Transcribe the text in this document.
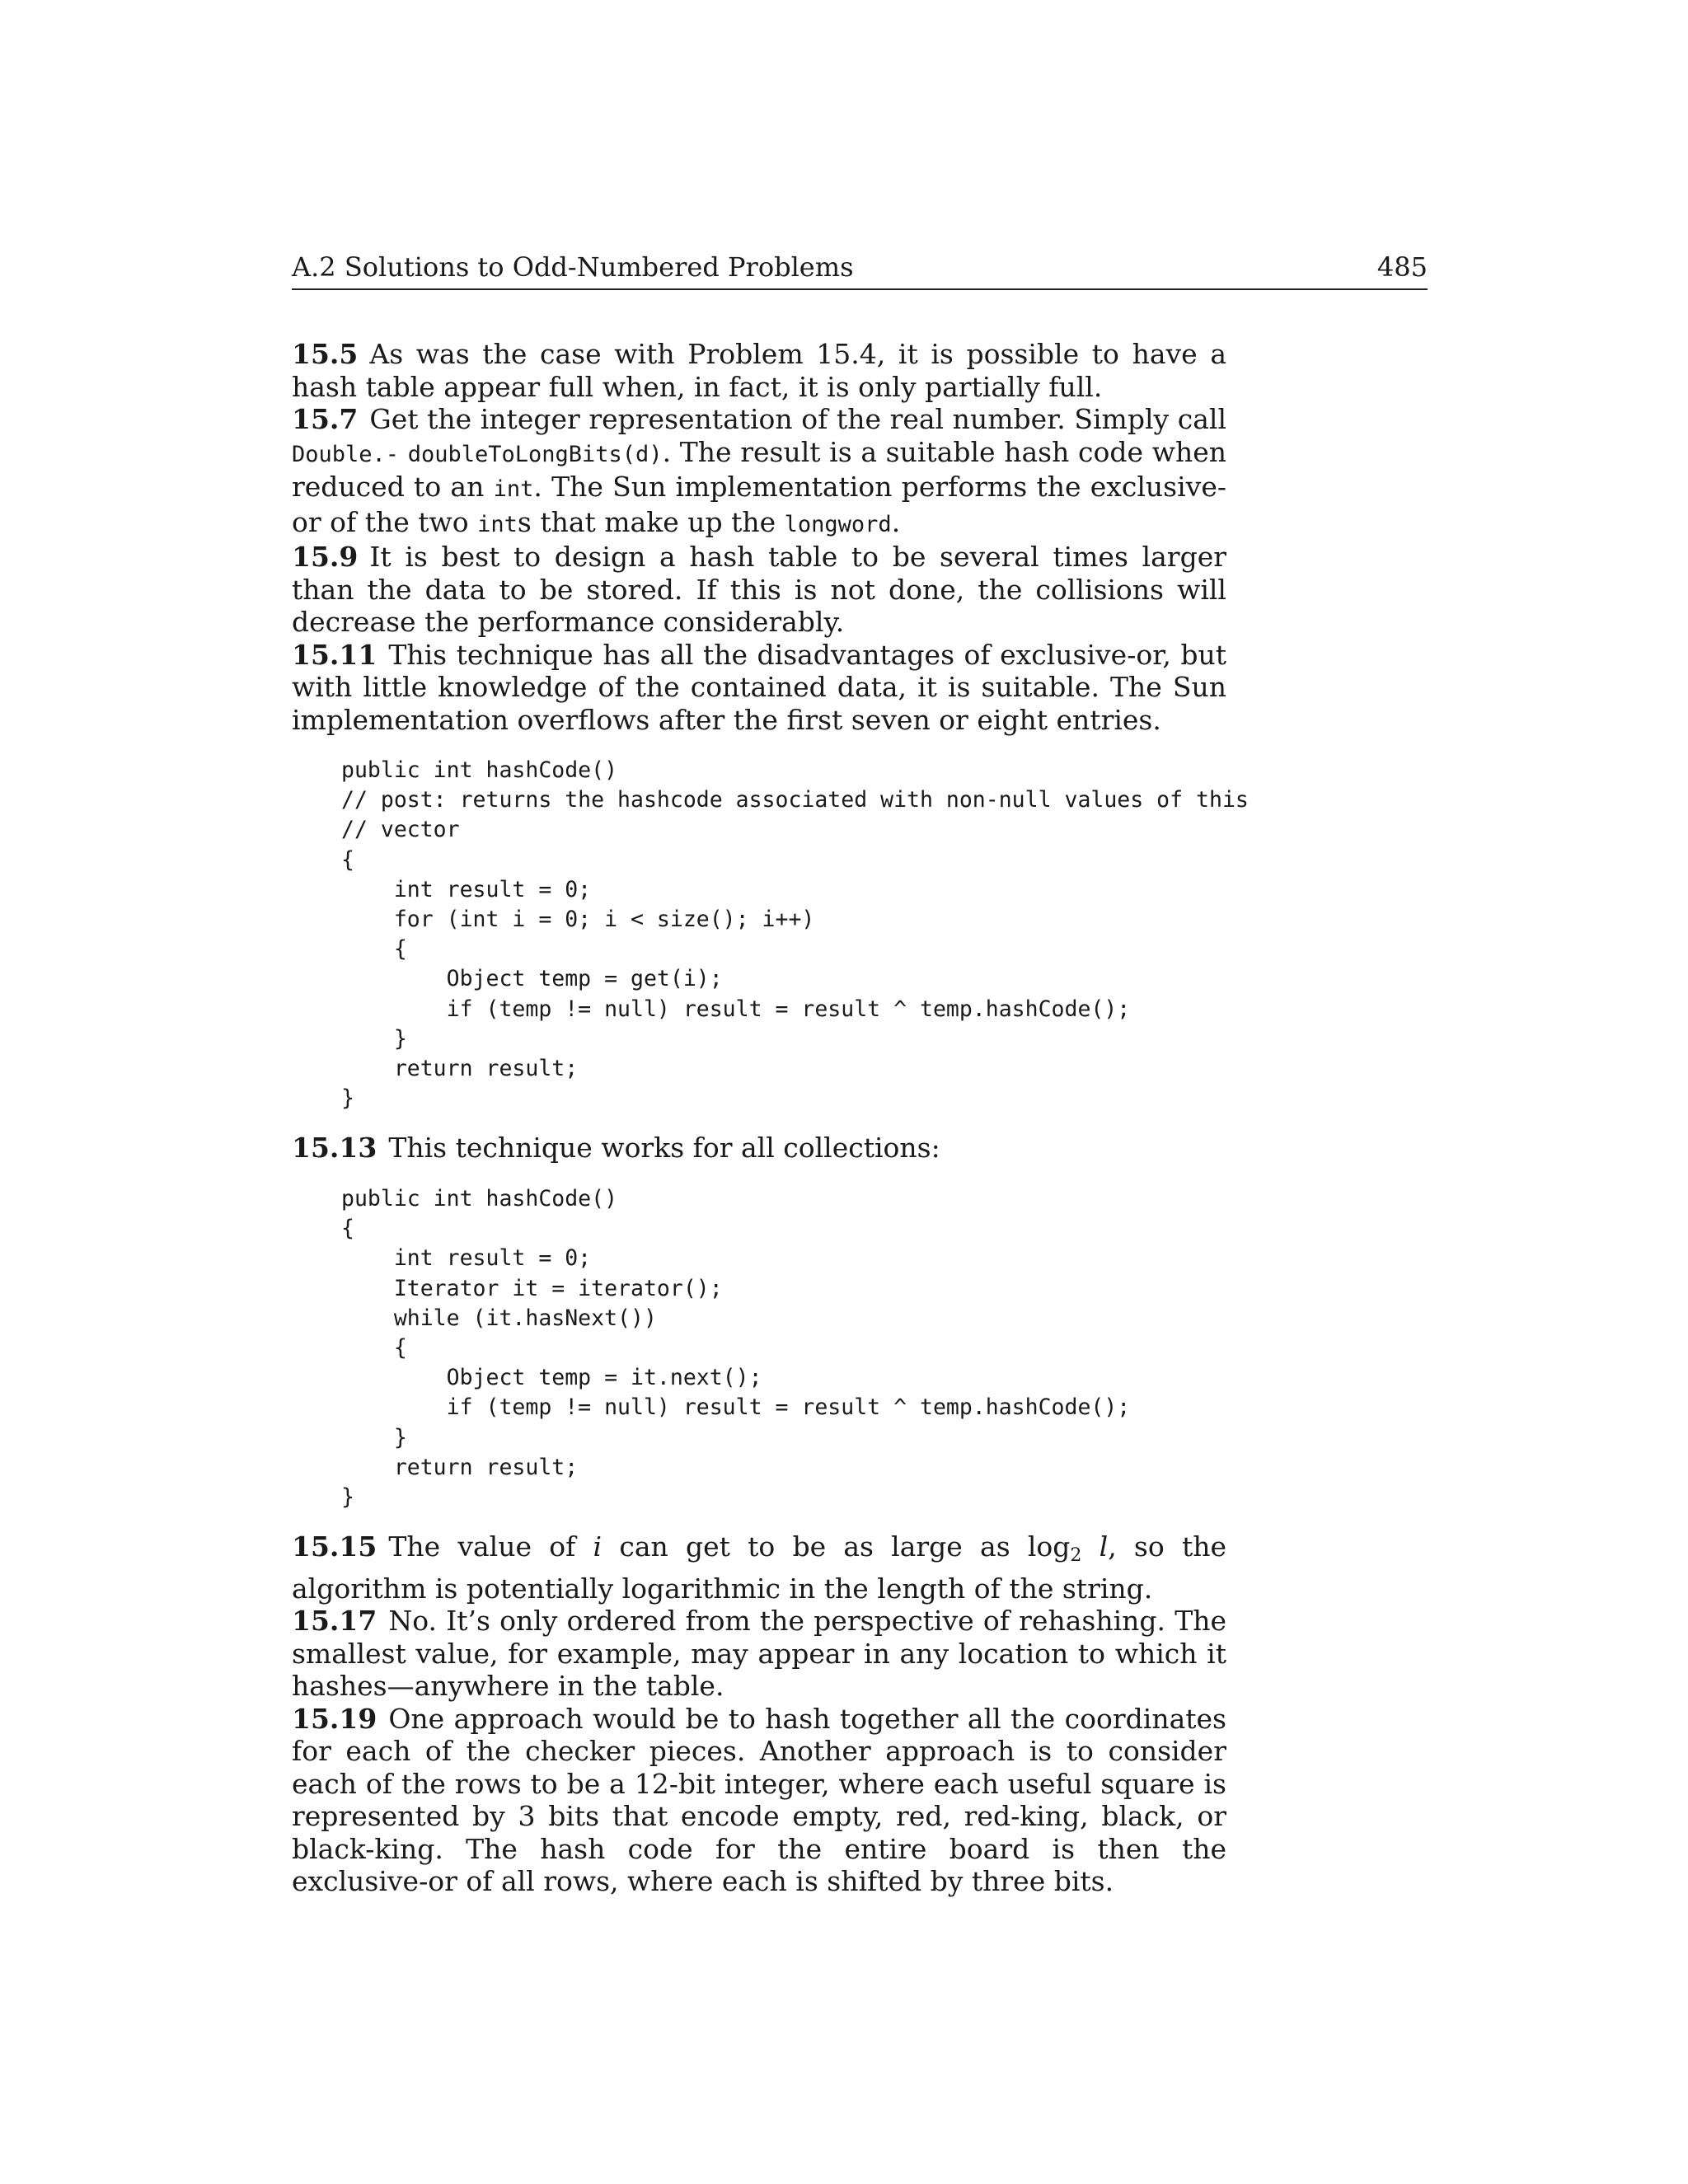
A.2 Solutions to Odd-Numbered Problems	485

15.5 As was the case with Problem 15.4, it is possible to have a hash table appear full when, in fact, it is only partially full.

15.7 Get the integer representation of the real number. Simply call Double.- doubleToLongBits(d). The result is a suitable hash code when reduced to an int. The Sun implementation performs the exclusive-or of the two ints that make up the longword.

15.9 It is best to design a hash table to be several times larger than the data to be stored. If this is not done, the collisions will decrease the performance considerably.

15.11 This technique has all the disadvantages of exclusive-or, but with little knowledge of the contained data, it is suitable. The Sun implementation overflows after the first seven or eight entries.

public int hashCode()
// post: returns the hashcode associated with non-null values of this
// vector
{
int result = 0;
for (int i = 0; i < size(); i++)
{
Object temp = get(i);
if (temp != null) result = result ^ temp.hashCode();
}
return result;
}

15.13 This technique works for all collections:

public int hashCode()
{
int result = 0;
Iterator it = iterator();
while (it.hasNext())
{
Object temp = it.next();
if (temp != null) result = result ^ temp.hashCode();
}
return result;
}

15.15 The value of i can get to be as large as $\log_2 l$, so the algorithm is potentially logarithmic in the length of the string.

15.17 No. It’s only ordered from the perspective of rehashing. The smallest value, for example, may appear in any location to which it hashes—anywhere in the table.

15.19 One approach would be to hash together all the coordinates for each of the checker pieces. Another approach is to consider each of the rows to be a 12-bit integer, where each useful square is represented by 3 bits that encode empty, red, red-king, black, or black-king. The hash code for the entire board is then the exclusive-or of all rows, where each is shifted by three bits.
